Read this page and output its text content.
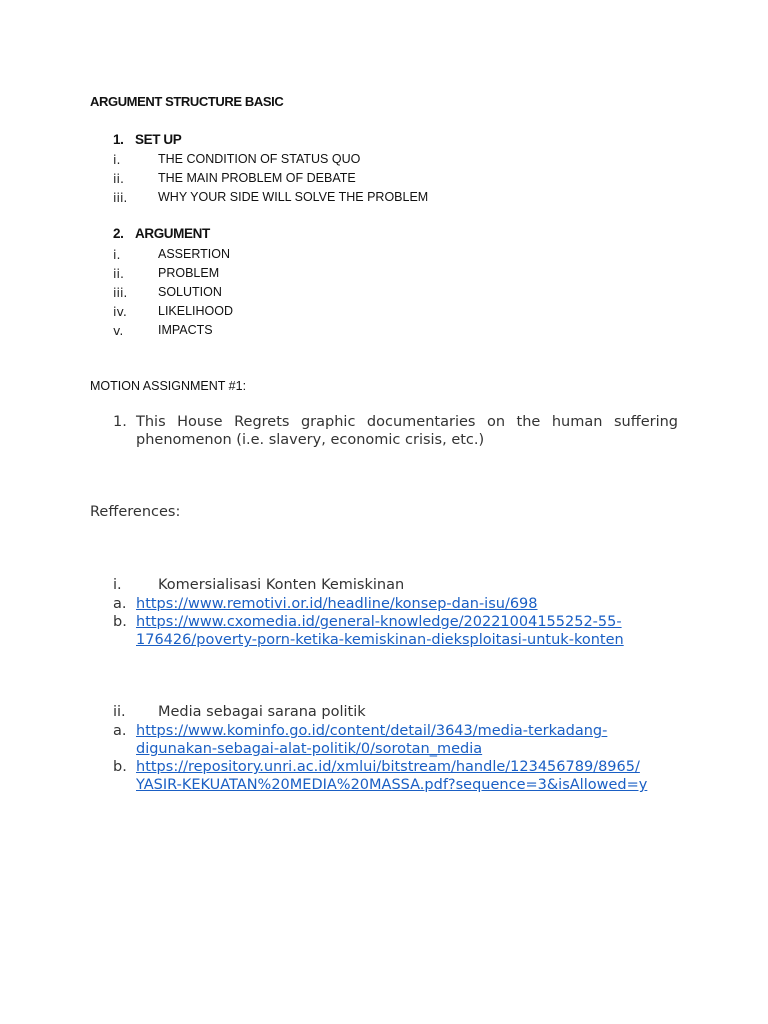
ARGUMENT STRUCTURE BASIC
1. SET UP
i.	THE CONDITION OF STATUS QUO
ii.	THE MAIN PROBLEM OF DEBATE
iii.	WHY YOUR SIDE WILL SOLVE THE PROBLEM
2. ARGUMENT
i.	ASSERTION
ii.	PROBLEM
iii.	SOLUTION
iv.	LIKELIHOOD
v.	IMPACTS
MOTION ASSIGNMENT #1:
1. This House Regrets graphic documentaries on the human suffering phenomenon (i.e. slavery, economic crisis, etc.)
Refferences:
i.	Komersialisasi Konten Kemiskinan
a. https://www.remotivi.or.id/headline/konsep-dan-isu/698
b. https://www.cxomedia.id/general-knowledge/20221004155252-55-
176426/poverty-porn-ketika-kemiskinan-dieksploitasi-untuk-konten
ii. Media sebagai sarana politik
a. https://www.kominfo.go.id/content/detail/3643/media-terkadang-
digunakan-sebagai-alat-politik/0/sorotan_media
b. https://repository.unri.ac.id/xmlui/bitstream/handle/123456789/8965/
YASIR-KEKUATAN%20MEDIA%20MASSA.pdf?sequence=3&isAllowed=y
